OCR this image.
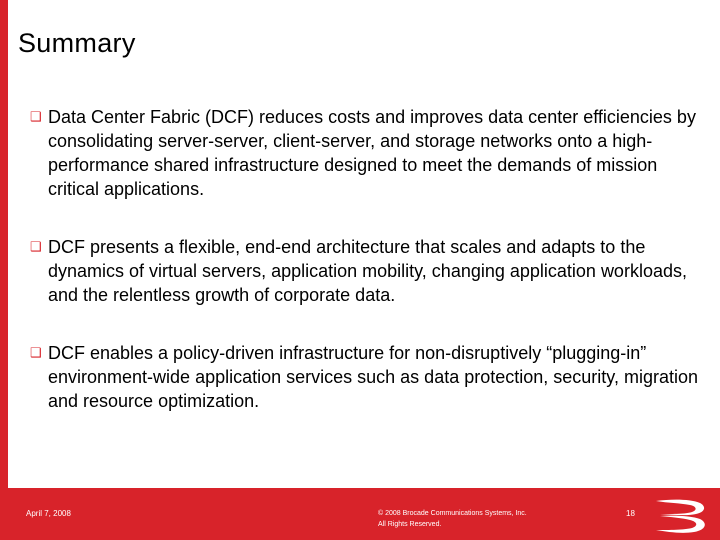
Summary
❑ Data Center Fabric (DCF) reduces costs and improves data center efficiencies by consolidating server-server, client-server, and storage networks onto a high-performance shared infrastructure designed to meet the demands of mission critical applications.
❑ DCF presents a flexible, end-end architecture that scales and adapts to the dynamics of virtual servers, application mobility, changing application workloads, and the relentless growth of corporate data.
❑ DCF enables a policy-driven infrastructure for non-disruptively “plugging-in” environment-wide application services such as data protection, security, migration and resource optimization.
April 7, 2008	© 2008 Brocade Communications Systems, Inc.
All Rights Reserved.
18
